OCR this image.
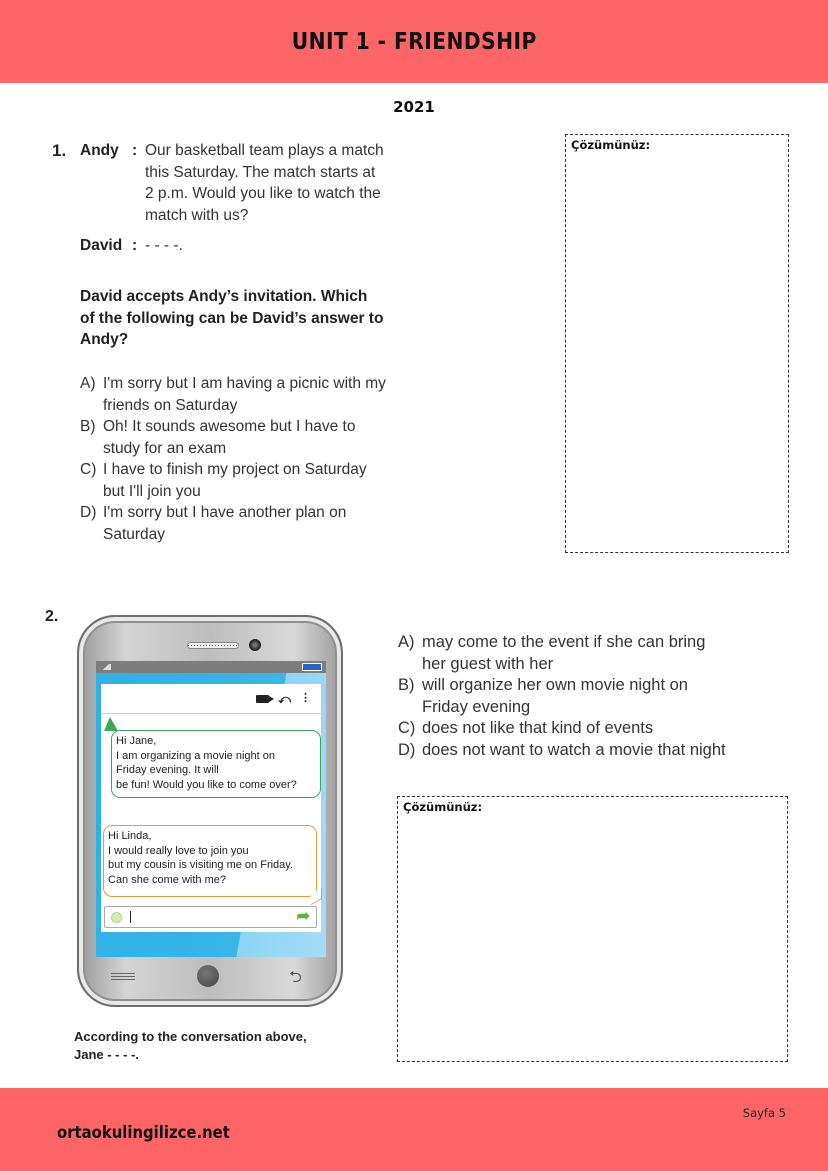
UNIT 1 - FRIENDSHIP
2021
1. Andy : Our basketball team plays a match
this Saturday. The match starts at
2 p.m. Would you like to watch the
match with us?
David : - - - -.
David accepts Andy’s invitation. Which
of the following can be David’s answer to
Andy?
A) I'm sorry but I am having a picnic with my
friends on Saturday
B) Oh! It sounds awesome but I have to
study for an exam
C) I have to finish my project on Saturday
but I'll join you
D) I'm sorry but I have another plan on
Saturday
Çözümünüz:
2.
⤺ ⋮
Hi Jane,
I am organizing a movie night on
Friday evening. It will
be fun! Would you like to come over?
Hi Linda,
I would really love to join you
but my cousin is visiting me on Friday.
Can she come with me?
➦
⮌
According to the conversation above,
Jane - - - -.
A) may come to the event if she can bring
her guest with her
B) will organize her own movie night on
Friday evening
C) does not like that kind of events
D) does not want to watch a movie that night
Çözümünüz:
ortaokulingilizce.net
Sayfa 5
